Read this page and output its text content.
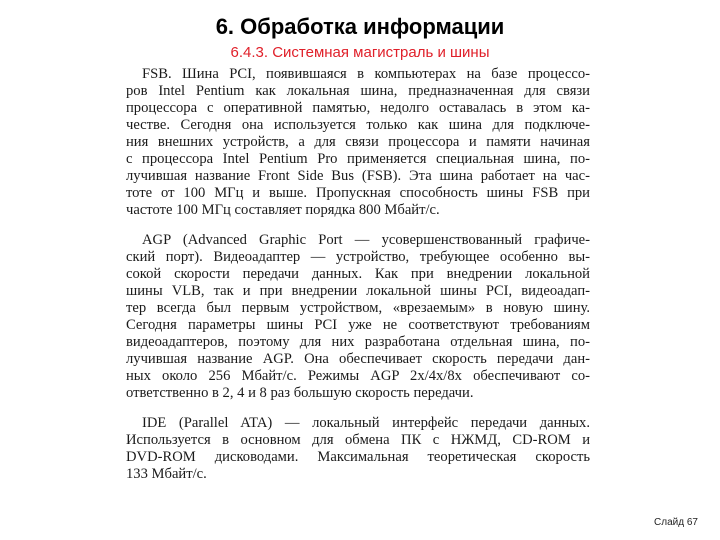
6. Обработка информации
6.4.3. Системная магистраль и шины
FSB. Шина PCI, появившаяся в компьютерах на базе процессо-
ров Intel Pentium как локальная шина, предназначенная для связи
процессора с оперативной памятью, недолго оставалась в этом ка-
честве. Сегодня она используется только как шина для подключе-
ния внешних устройств, а для связи процессора и памяти начиная
с процессора Intel Pentium Pro применяется специальная шина, по-
лучившая название Front Side Bus (FSB). Эта шина работает на час-
тоте от 100 МГц и выше. Пропускная способность шины FSB при
частоте 100 МГц составляет порядка 800 Мбайт/с.
AGP (Advanced Graphic Port — усовершенствованный графиче-
ский порт). Видеоадаптер — устройство, требующее особенно вы-
сокой скорости передачи данных. Как при внедрении локальной
шины VLB, так и при внедрении локальной шины PCI, видеоадап-
тер всегда был первым устройством, «врезаемым» в новую шину.
Сегодня параметры шины PCI уже не соответствуют требованиям
видеоадаптеров, поэтому для них разработана отдельная шина, по-
лучившая название AGP. Она обеспечивает скорость передачи дан-
ных около 256 Мбайт/с. Режимы AGP 2x/4x/8x обеспечивают со-
ответственно в 2, 4 и 8 раз большую скорость передачи.
IDE (Parallel ATA) — локальный интерфейс передачи данных.
Используется в основном для обмена ПК с НЖМД, CD-ROM и
DVD-ROM дисководами. Максимальная теоретическая скорость
133 Мбайт/с.
Слайд 67
